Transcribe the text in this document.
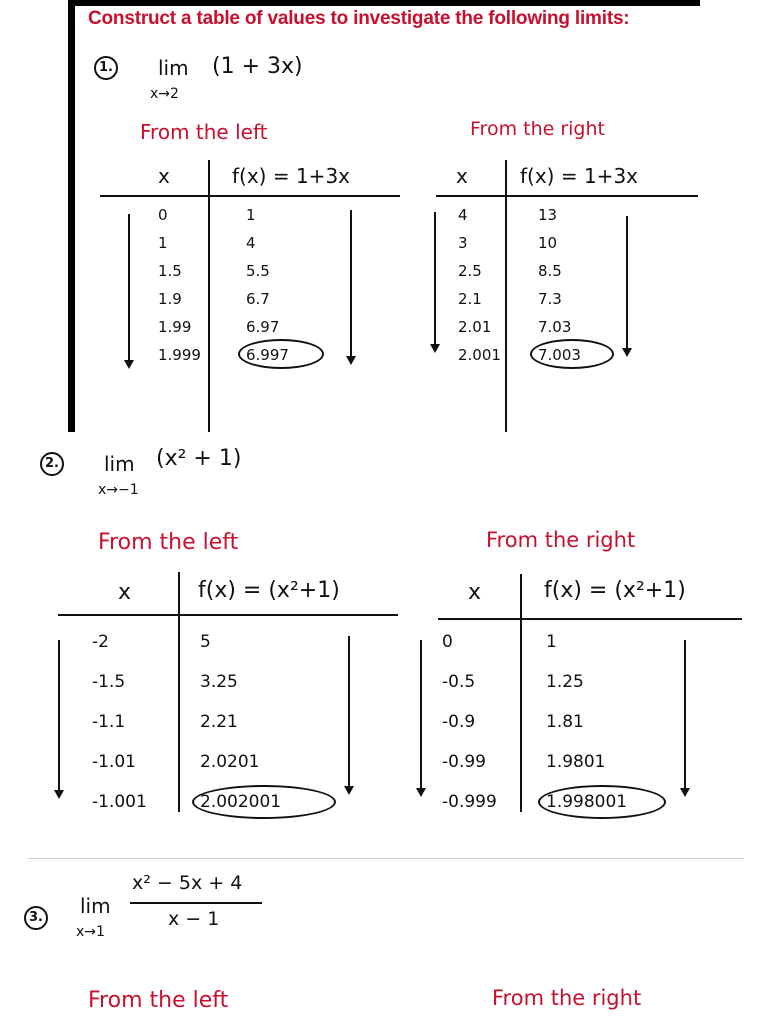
Construct a table of values to investigate the following limits:
1. lim (1 + 3x)
x→2
From the left	From the right
x	f(x) = 1+3x
0	1
1	4
1.5	5.5
1.9	6.7
1.99	6.97
1.999	6.997
x	f(x) = 1+3x
4	13
3	10
2.5	8.5
2.1	7.3
2.01	7.03
2.001 7.003
2. lim (x² + 1)
x→−1
From the left	From the right
x	f(x) = (x²+1)
-2	5
-1.5	3.25
-1.1	2.21
-1.01	2.0201
-1.001	2.002001
x	f(x) = (x²+1)
0	1
-0.5	1.25
-0.9	1.81
-0.99	1.9801
-0.999	1.998001
3. lim
x² − 5x + 4
x − 1
x→1
From the left	From the right
